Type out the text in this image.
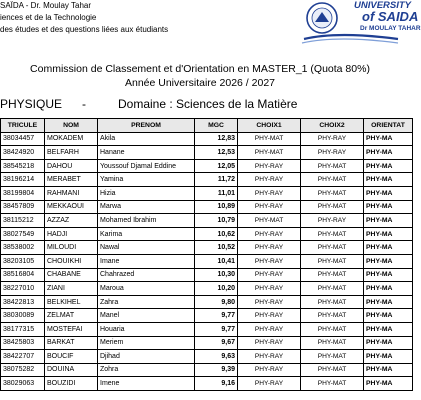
SAÏDA - Dr. Moulay Tahar
iences et de la Technologie
des études et des questions liées aux étudiants
UNIVERSITY
of SAIDA
Dr MOULAY TAHAR
Commission de Classement et d'Orientation en MASTER_1 (Quota 80%)
Année Universitaire 2026 / 2027
PHYSIQUE -	Domaine : Sciences de la Matière
TRICULE	NOM	PRENOM	MGC	CHOIX1	CHOIX2	ORIENTAT
38034457	MOKADEM	Akila	12,83	PHY-MAT	PHY-RAY	PHY-MA
38424920	BELFARH	Hanane	12,53	PHY-MAT	PHY-RAY	PHY-MA
38545218	DAHOU	Youssouf Djamal Eddine	12,05	PHY-RAY	PHY-MAT	PHY-MA
38196214	MERABET	Yamina	11,72	PHY-RAY	PHY-MAT	PHY-MA
38199804	RAHMANI	Hizia	11,01	PHY-RAY	PHY-MAT	PHY-MA
38457809	MEKKAOUI	Marwa	10,89	PHY-RAY	PHY-MAT	PHY-MA
38115212	AZZAZ	Mohamed Ibrahim	10,79	PHY-MAT	PHY-RAY	PHY-MA
38027549	HADJI	Karima	10,62	PHY-RAY	PHY-MAT	PHY-MA
38538002	MILOUDI	Nawal	10,52	PHY-RAY	PHY-MAT	PHY-MA
38203105	CHOUIKHI	Imane	10,41	PHY-RAY	PHY-MAT	PHY-MA
38516804	CHABANE	Chahrazed	10,30	PHY-RAY	PHY-MAT	PHY-MA
38227010	ZIANI	Maroua	10,20	PHY-RAY	PHY-MAT	PHY-MA
38422813	BELKIHEL	Zahra	9,80	PHY-RAY	PHY-MAT	PHY-MA
38030089	ZELMAT	Manel	9,77	PHY-RAY	PHY-MAT	PHY-MA
38177315	MOSTEFAI	Houaria	9,77	PHY-RAY	PHY-MAT	PHY-MA
38425803	BARKAT	Meriem	9,67	PHY-RAY	PHY-MAT	PHY-MA
38422707	BOUCIF	Djihad	9,63	PHY-RAY	PHY-MAT	PHY-MA
38075282	DOUINA	Zohra	9,39	PHY-RAY	PHY-MAT	PHY-MA
38029063	BOUZIDI	Imene	9,16	PHY-RAY	PHY-MAT	PHY-MA
